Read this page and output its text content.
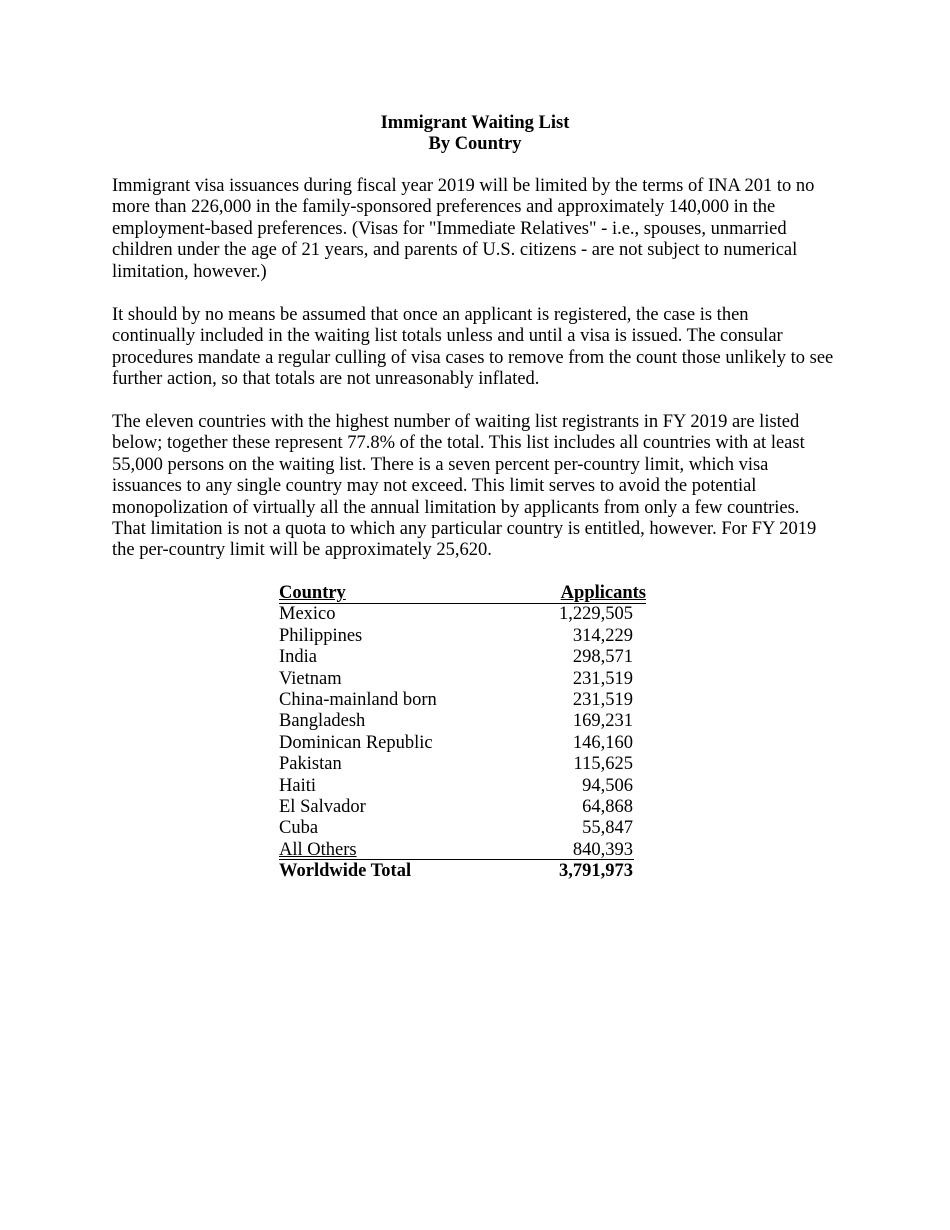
Immigrant Waiting List
By Country
Immigrant visa issuances during fiscal year 2019 will be limited by the terms of INA 201 to no
more than 226,000 in the family-sponsored preferences and approximately 140,000 in the
employment-based preferences. (Visas for "Immediate Relatives" - i.e., spouses, unmarried
children under the age of 21 years, and parents of U.S. citizens - are not subject to numerical
limitation, however.)
It should by no means be assumed that once an applicant is registered, the case is then
continually included in the waiting list totals unless and until a visa is issued. The consular
procedures mandate a regular culling of visa cases to remove from the count those unlikely to see
further action, so that totals are not unreasonably inflated.
The eleven countries with the highest number of waiting list registrants in FY 2019 are listed
below; together these represent 77.8% of the total. This list includes all countries with at least
55,000 persons on the waiting list. There is a seven percent per-country limit, which visa
issuances to any single country may not exceed. This limit serves to avoid the potential
monopolization of virtually all the annual limitation by applicants from only a few countries.
That limitation is not a quota to which any particular country is entitled, however. For FY 2019
the per-country limit will be approximately 25,620.
Country	Applicants
Mexico	1,229,505
Philippines	314,229
India	298,571
Vietnam	231,519
China-mainland born	231,519
Bangladesh	169,231
Dominican Republic	146,160
Pakistan	115,625
Haiti	94,506
El Salvador	64,868
Cuba	55,847
All Others	840,393
Worldwide Total	3,791,973
